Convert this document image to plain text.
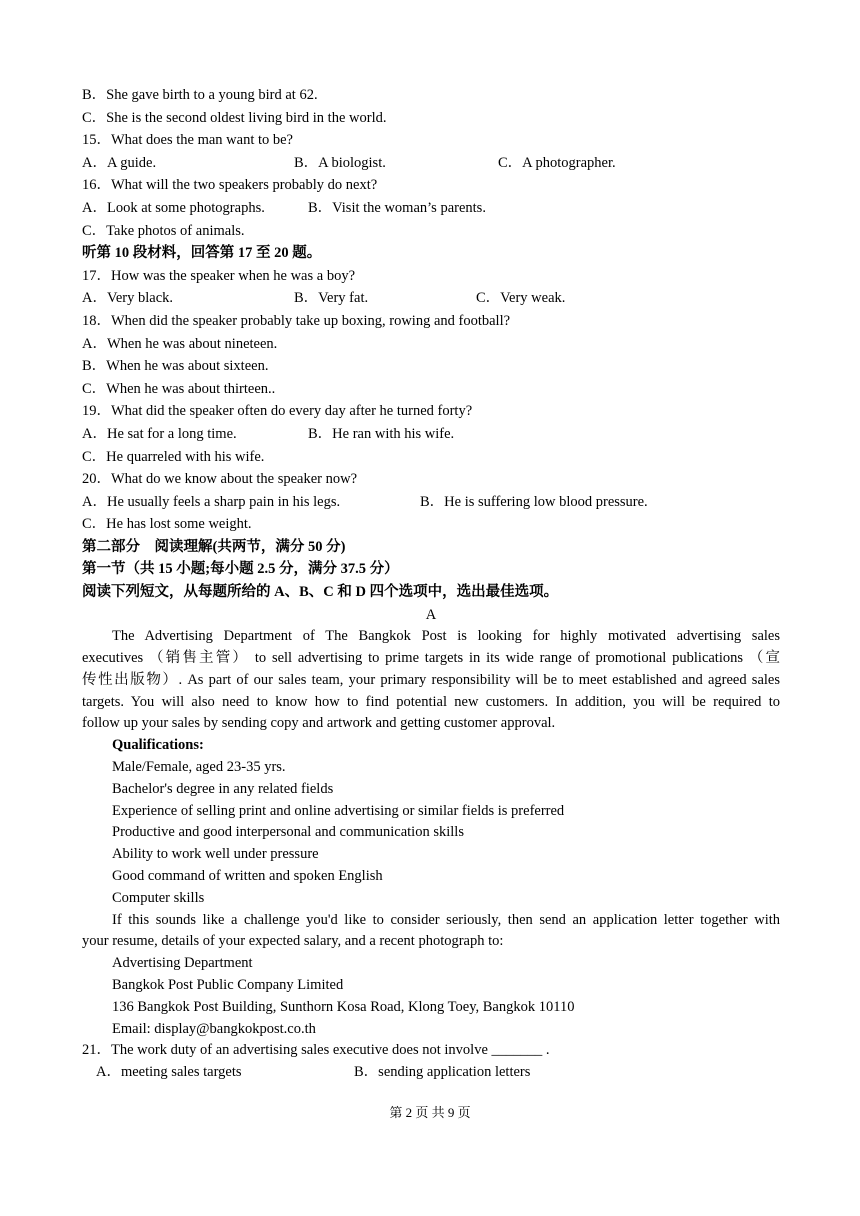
B．She gave birth to a young bird at 62.
C．She is the second oldest living bird in the world.
15．What does the man want to be?
A．A guide.	B．A biologist.	C．A photographer.
16．What will the two speakers probably do next?
A．Look at some photographs.	B．Visit the woman’s parents.
C．Take photos of animals.
听第 10 段材料，回答第 17 至 20 题。
17．How was the speaker when he was a boy?
A．Very black.	B．Very fat.	C．Very weak.
18．When did the speaker probably take up boxing, rowing and football?
A．When he was about nineteen.
B．When he was about sixteen.
C．When he was about thirteen..
19．What did the speaker often do every day after he turned forty?
A．He sat for a long time.	B．He ran with his wife.
C．He quarreled with his wife.
20．What do we know about the speaker now?
A．He usually feels a sharp pain in his legs.	B．He is suffering low blood pressure.
C．He has lost some weight.
第二部分　阅读理解(共两节，满分 50 分)
第一节（共 15 小题;每小题 2.5 分，满分 37.5 分）
阅读下列短文，从每题所给的 A、B、C 和 D 四个选项中，选出最佳选项。
A
The Advertising Department of The Bangkok Post is looking for highly motivated advertising sales
executives （销售主管） to sell advertising to prime targets in its wide range of promotional publications （宣
传性出版物）. As part of our sales team, your primary responsibility will be to meet established and agreed sales
targets. You will also need to know how to find potential new customers. In addition, you will be required to
follow up your sales by sending copy and artwork and getting customer approval.
Qualifications:
Male/Female, aged 23-35 yrs.
Bachelor's degree in any related fields
Experience of selling print and online advertising or similar fields is preferred
Productive and good interpersonal and communication skills
Ability to work well under pressure
Good command of written and spoken English
Computer skills
If this sounds like a challenge you'd like to consider seriously, then send an application letter together with
your resume, details of your expected salary, and a recent photograph to:
Advertising Department
Bangkok Post Public Company Limited
136 Bangkok Post Building, Sunthorn Kosa Road, Klong Toey, Bangkok 10110
Email: display@bangkokpost.co.th
21．The work duty of an advertising sales executive does not involve _______ .
A．meeting sales targets	B．sending application letters
第 2 页 共 9 页
